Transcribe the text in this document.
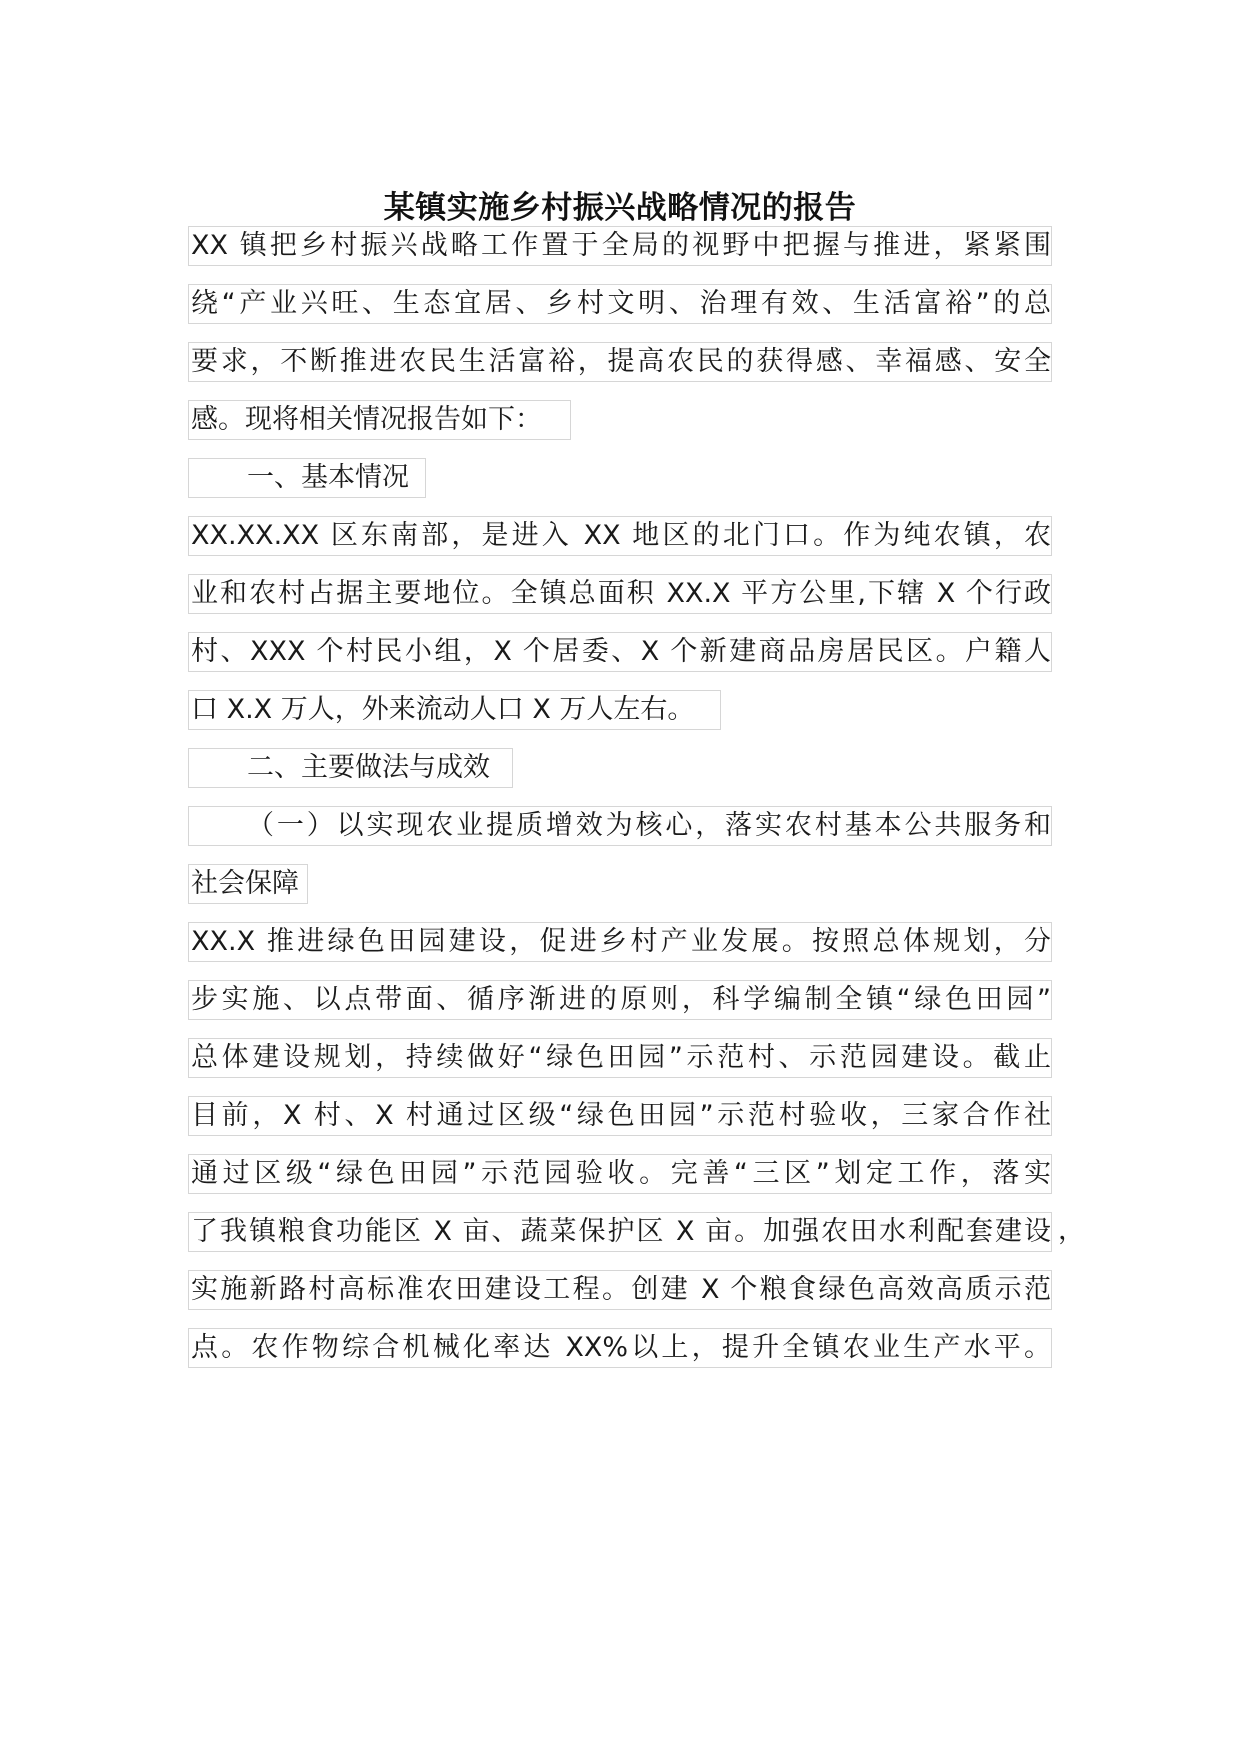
某镇实施乡村振兴战略情况的报告
XX 镇把乡村振兴战略工作置于全局的视野中把握与推进，紧紧围
绕“产业兴旺、生态宜居、乡村文明、治理有效、生活富裕”的总
要求，不断推进农民生活富裕，提高农民的获得感、幸福感、安全
感。现将相关情况报告如下：
一、基本情况
XX.XX.XX 区东南部，是进入 XX 地区的北门口。作为纯农镇，农
业和农村占据主要地位。全镇总面积 XX.X 平方公里,下辖 X 个行政
村、XXX 个村民小组，X 个居委、X 个新建商品房居民区。户籍人
口 X.X 万人，外来流动人口 X 万人左右。
二、主要做法与成效
（一）以实现农业提质增效为核心，落实农村基本公共服务和
社会保障
XX.X 推进绿色田园建设，促进乡村产业发展。按照总体规划，分
步实施、以点带面、循序渐进的原则，科学编制全镇“绿色田园”
总体建设规划，持续做好“绿色田园”示范村、示范园建设。截止
目前，X 村、X 村通过区级“绿色田园”示范村验收，三家合作社
通过区级“绿色田园”示范园验收。完善“三区”划定工作，落实
了我镇粮食功能区 X 亩、蔬菜保护区 X 亩。加强农田水利配套建设 ，
实施新路村高标准农田建设工程。创建 X 个粮食绿色高效高质示范
点。农作物综合机械化率达 XX%以上，提升全镇农业生产水平。
